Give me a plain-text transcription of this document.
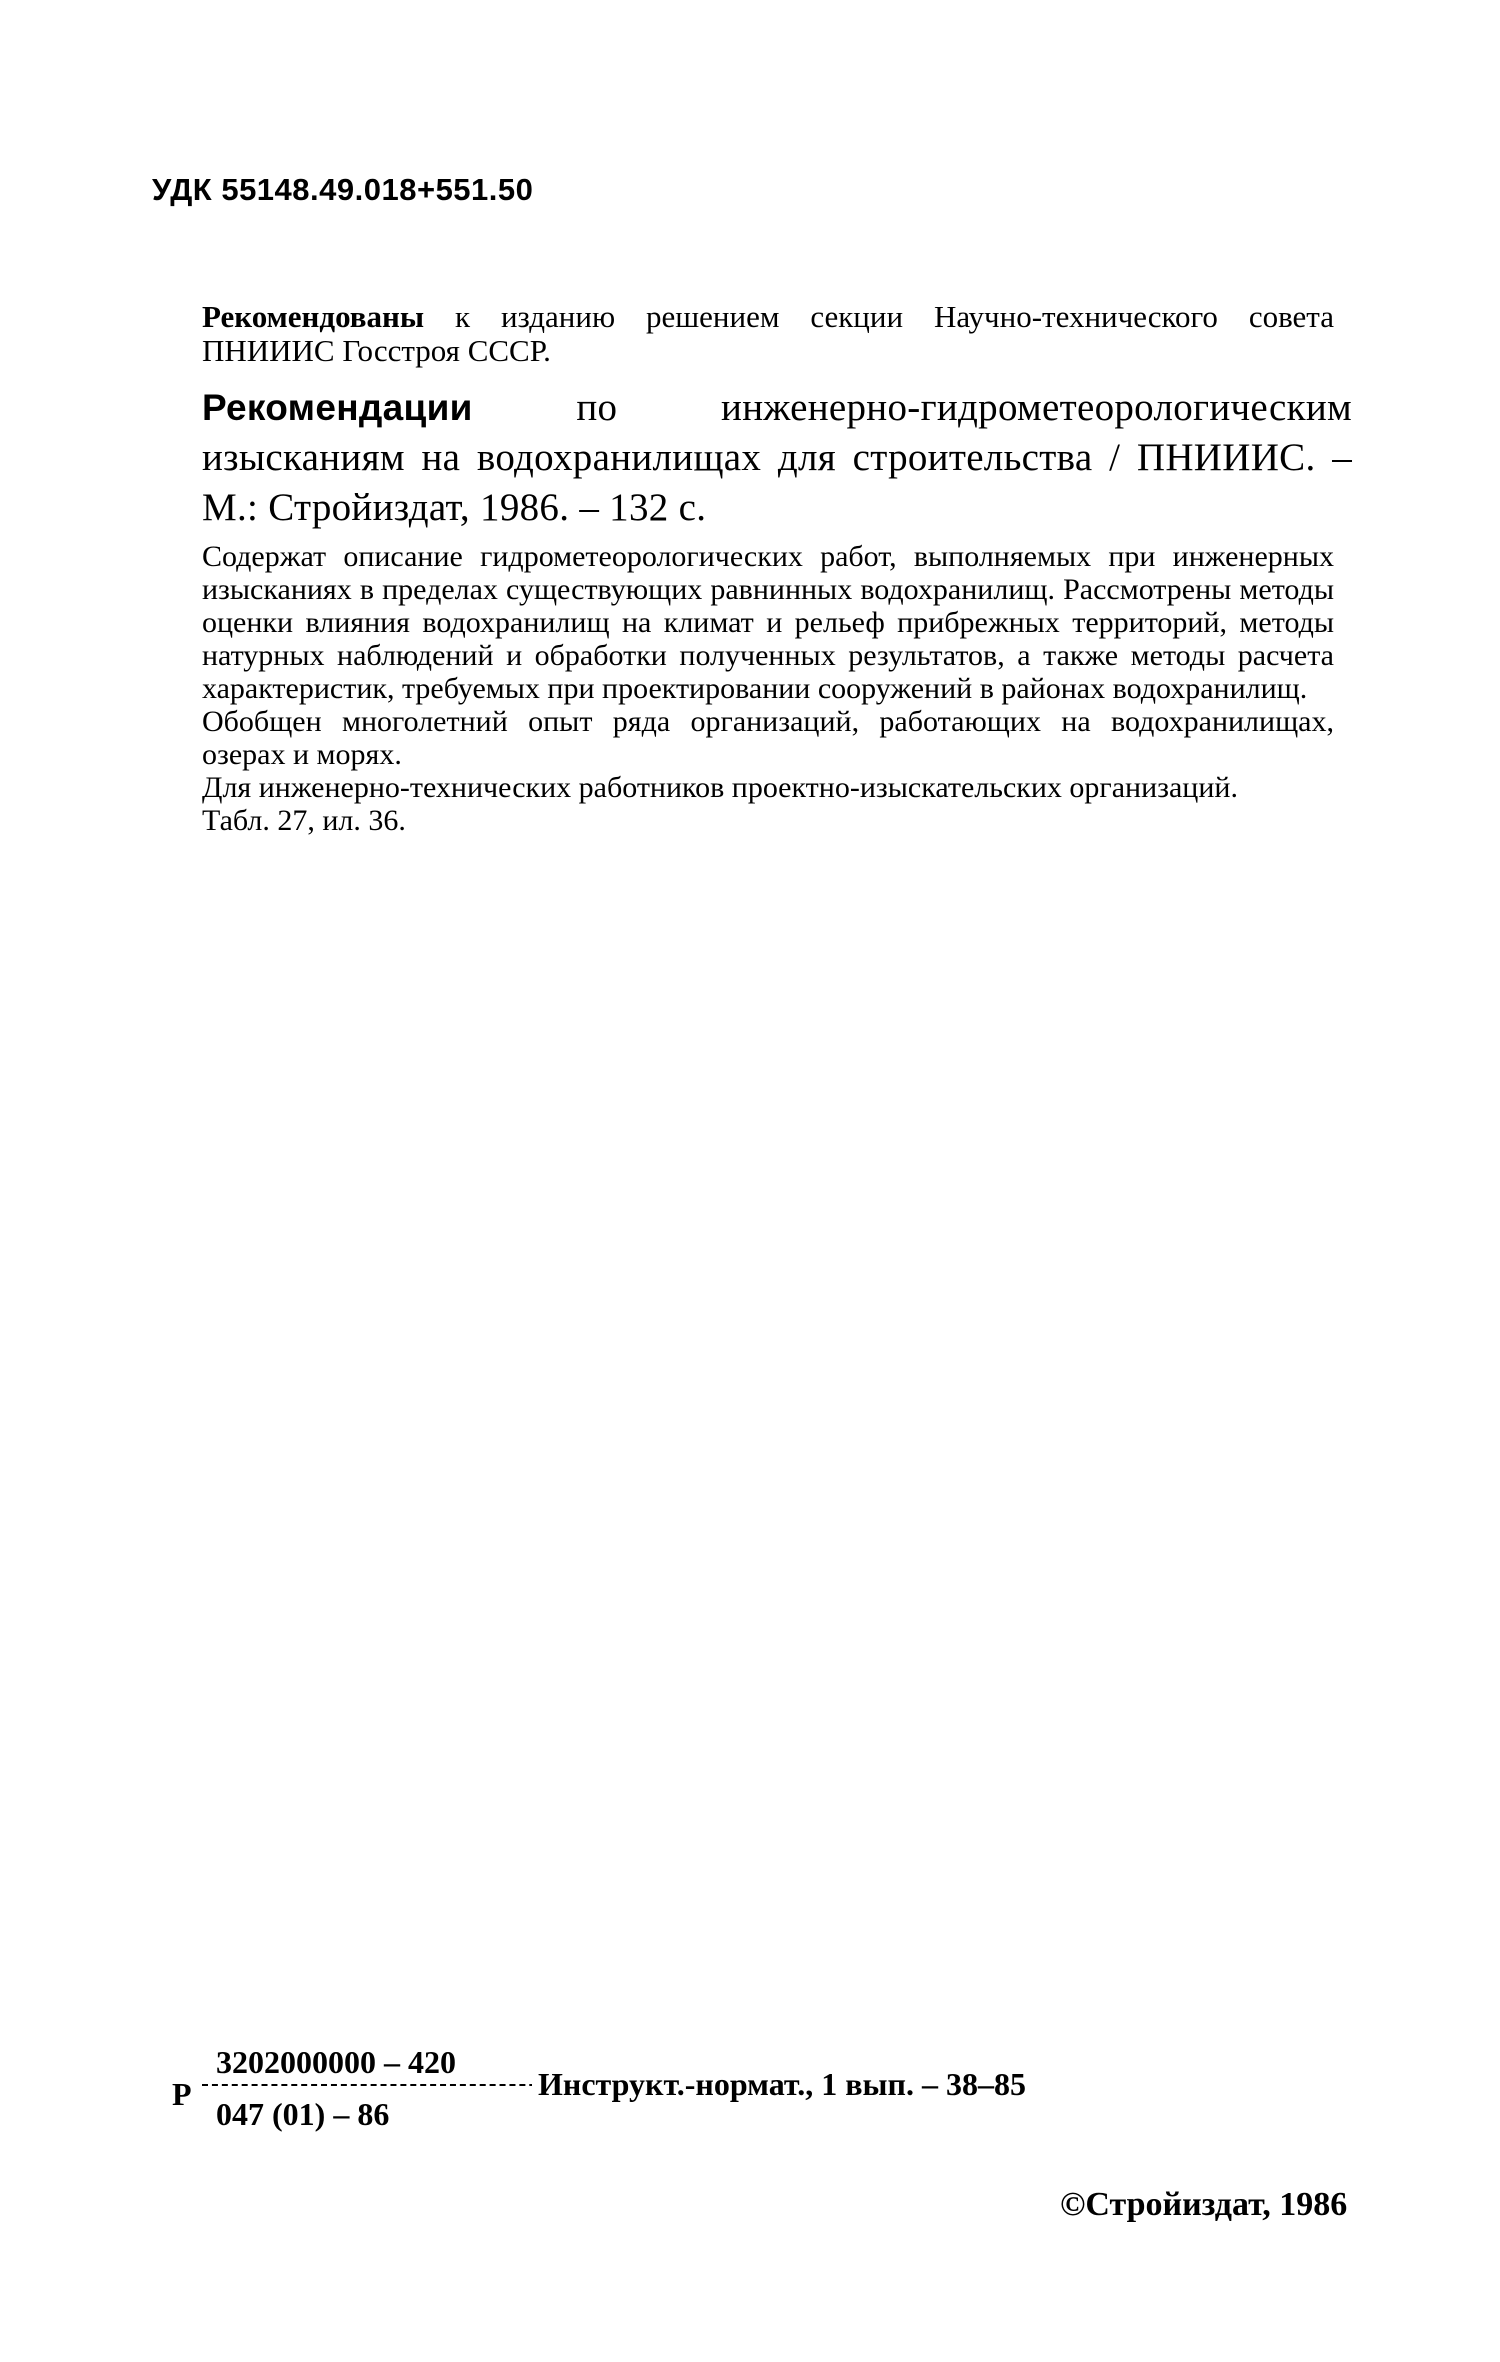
УДК 55148.49.018+551.50
Рекомендованы к изданию решением секции Научно-технического совета ПНИИИС Госстроя СССР.
Рекомендации по инженерно-гидрометеорологическим изысканиям на водохранилищах для строительства / ПНИИИС. – М.: Стройиздат, 1986. – 132 с.

Содержат описание гидрометеорологических работ, выполняемых при инженерных изысканиях в пределах существующих равнинных водохранилищ. Рассмотрены методы оценки влияния водохранилищ на климат и рельеф прибрежных территорий, методы натурных наблюдений и обработки полученных результатов, а также методы расчета характеристик, требуемых при проектировании сооружений в районах водохранилищ.

Обобщен многолетний опыт ряда организаций, работающих на водохранилищах, озерах и морях.

Для инженерно-технических работников проектно-изыскательских организаций.

Табл. 27, ил. 36.

Р
3202000000 – 420
047 (01) – 86
Инструкт.-нормат., 1 вып. – 38–85
©Стройиздат, 1986
